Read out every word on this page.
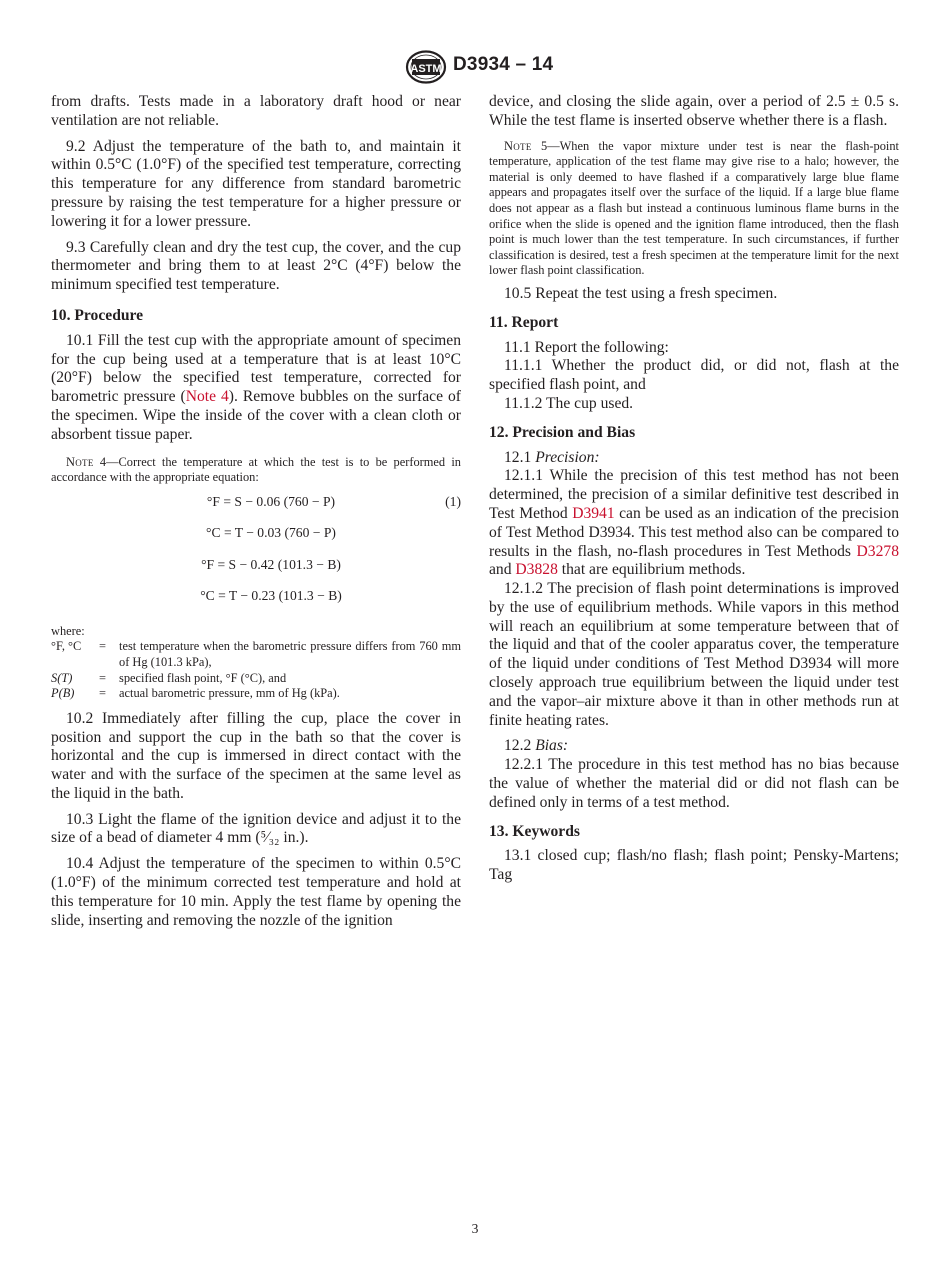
ASTM D3934 – 14

from drafts. Tests made in a laboratory draft hood or near ventilation are not reliable.

9.2 Adjust the temperature of the bath to, and maintain it within 0.5°C (1.0°F) of the specified test temperature, correcting this temperature for any difference from standard barometric pressure by raising the test temperature for a higher pressure or lowering it for a lower pressure.

9.3 Carefully clean and dry the test cup, the cover, and the cup thermometer and bring them to at least 2°C (4°F) below the minimum specified test temperature.

10. Procedure

10.1 Fill the test cup with the appropriate amount of specimen for the cup being used at a temperature that is at least 10°C (20°F) below the specified test temperature, corrected for barometric pressure (Note 4). Remove bubbles on the surface of the specimen. Wipe the inside of the cover with a clean cloth or absorbent tissue paper.

Note 4—Correct the temperature at which the test is to be performed in accordance with the appropriate equation:
°F = S − 0.06 (760 − P)	(1)
°C = T − 0.03 (760 − P)
°F = S − 0.42 (101.3 − B)
°C = T − 0.23 (101.3 − B)
where:
°F, °C	=	test temperature when the barometric pressure differs from 760 mm of Hg (101.3 kPa),
S(T)	=	specified flash point, °F (°C), and
P(B)	=	actual barometric pressure, mm of Hg (kPa).

10.2 Immediately after filling the cup, place the cover in position and support the cup in the bath so that the cover is horizontal and the cup is immersed in direct contact with the water and with the surface of the specimen at the same level as the liquid in the bath.

10.3 Light the flame of the ignition device and adjust it to the size of a bead of diameter 4 mm (⁵⁄₃₂ in.).

10.4 Adjust the temperature of the specimen to within 0.5°C (1.0°F) of the minimum corrected test temperature and hold at this temperature for 10 min. Apply the test flame by opening the slide, inserting and removing the nozzle of the ignition

device, and closing the slide again, over a period of 2.5 ± 0.5 s. While the test flame is inserted observe whether there is a flash.

Note 5—When the vapor mixture under test is near the flash-point temperature, application of the test flame may give rise to a halo; however, the material is only deemed to have flashed if a comparatively large blue flame appears and propagates itself over the surface of the liquid. If a large blue flame does not appear as a flash but instead a continuous luminous flame burns in the orifice when the slide is opened and the ignition flame introduced, then the flash point is much lower than the test temperature. In such circumstances, if further classification is desired, test a fresh specimen at the temperature limit for the next lower flash point classification.

10.5 Repeat the test using a fresh specimen.

11. Report

11.1 Report the following:

11.1.1 Whether the product did, or did not, flash at the specified flash point, and

11.1.2 The cup used.

12. Precision and Bias

12.1 Precision:

12.1.1 While the precision of this test method has not been determined, the precision of a similar definitive test described in Test Method D3941 can be used as an indication of the precision of Test Method D3934. This test method also can be compared to results in the flash, no-flash procedures in Test Methods D3278 and D3828 that are equilibrium methods.

12.1.2 The precision of flash point determinations is improved by the use of equilibrium methods. While vapors in this method will reach an equilibrium at some temperature between that of the liquid and that of the cooler apparatus cover, the temperature of the liquid under conditions of Test Method D3934 will more closely approach true equilibrium between the liquid under test and the vapor–air mixture above it than in other methods run at finite heating rates.

12.2 Bias:

12.2.1 The procedure in this test method has no bias because the value of whether the material did or did not flash can be defined only in terms of a test method.

13. Keywords

13.1 closed cup; flash/no flash; flash point; Pensky-Martens; Tag

3
